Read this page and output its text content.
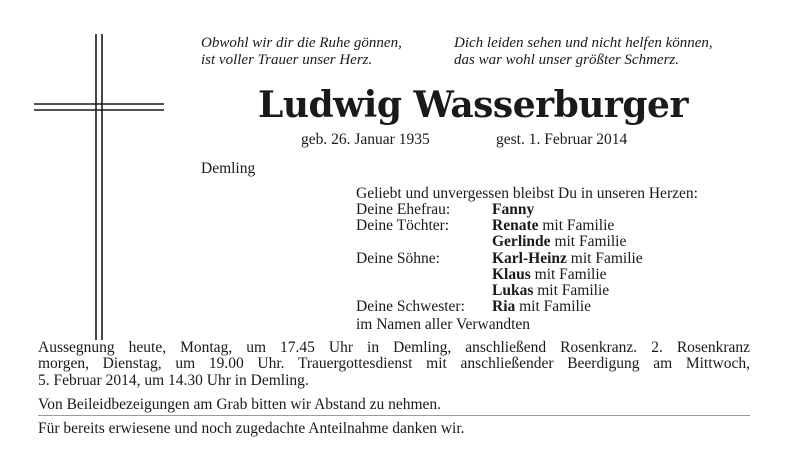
Obwohl wir dir die Ruhe gönnen,
ist voller Trauer unser Herz.
Dich leiden sehen und nicht helfen können,
das war wohl unser größter Schmerz.
Ludwig Wasserburger
geb. 26. Januar 1935	gest. 1. Februar 2014
Demling
Geliebt und unvergessen bleibst Du in unseren Herzen:
Deine Ehefrau:	Fanny
Deine Töchter:	Renate mit Familie
Gerlinde mit Familie
Deine Söhne:	Karl-Heinz mit Familie
Klaus mit Familie
Lukas mit Familie
Deine Schwester: Ria mit Familie
im Namen aller Verwandten
Aussegnung heute, Montag, um 17.45 Uhr in Demling, anschließend Rosenkranz. 2. Rosenkranz
morgen, Dienstag, um 19.00 Uhr. Trauergottesdienst mit anschließender Beerdigung am Mittwoch,
5. Februar 2014, um 14.30 Uhr in Demling.
Von Beileidbezeigungen am Grab bitten wir Abstand zu nehmen.
Für bereits erwiesene und noch zugedachte Anteilnahme danken wir.
